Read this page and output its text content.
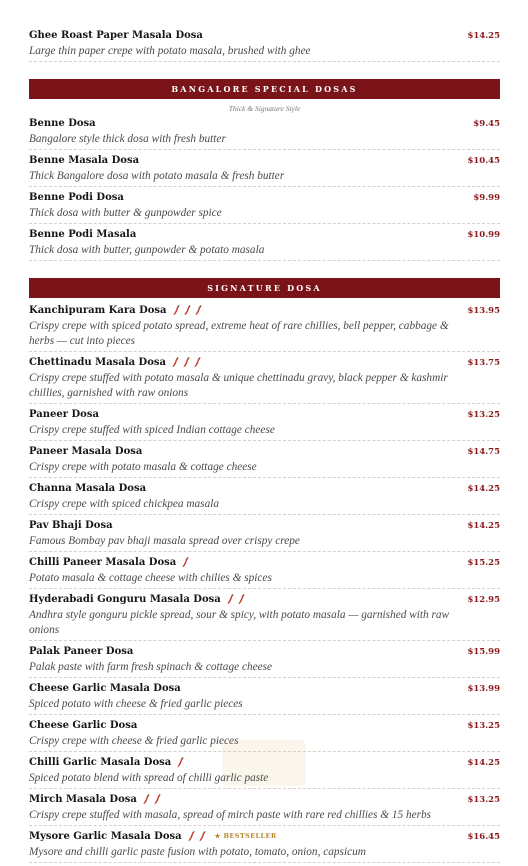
Ghee Roast Paper Masala Dosa	$14.25
Large thin paper crepe with potato masala, brushed with ghee
BANGALORE SPECIAL DOSAS
Thick & Signature Style
Benne Dosa	$9.45
Bangalore style thick dosa with fresh butter
Benne Masala Dosa	$10.45
Thick Bangalore dosa with potato masala & fresh butter
Benne Podi Dosa	$9.99
Thick dosa with butter & gunpowder spice
Benne Podi Masala	$10.99
Thick dosa with butter, gunpowder & potato masala
SIGNATURE DOSA
Kanchipuram Kara Dosa	$13.95
Crispy crepe with spiced potato spread, extreme heat of rare chillies, bell pepper, cabbage & herbs — cut into pieces
Chettinadu Masala Dosa	$13.75
Crispy crepe stuffed with potato masala & unique chettinadu gravy, black pepper & kashmir chillies, garnished with raw onions
Paneer Dosa	$13.25
Crispy crepe stuffed with spiced Indian cottage cheese
Paneer Masala Dosa	$14.75
Crispy crepe with potato masala & cottage cheese
Channa Masala Dosa	$14.25
Crispy crepe with spiced chickpea masala
Pav Bhaji Dosa	$14.25
Famous Bombay pav bhaji masala spread over crispy crepe
Chilli Paneer Masala Dosa	$15.25
Potato masala & cottage cheese with chilies & spices
Hyderabadi Gonguru Masala Dosa	$12.95
Andhra style gonguru pickle spread, sour & spicy, with potato masala — garnished with raw onions
Palak Paneer Dosa	$15.99
Palak paste with farm fresh spinach & cottage cheese
Cheese Garlic Masala Dosa	$13.99
Spiced potato with cheese & fried garlic pieces
Cheese Garlic Dosa	$13.25
Crispy crepe with cheese & fried garlic pieces
Chilli Garlic Masala Dosa	$14.25
Spiced potato blend with spread of chilli garlic paste
Mirch Masala Dosa	$13.25
Crispy crepe stuffed with masala, spread of mirch paste with rare red chillies & 15 herbs
Mysore Garlic Masala Dosa	★ BESTSELLER	$16.45
Mysore and chilli garlic paste fusion with potato, tomato, onion, capsicum
